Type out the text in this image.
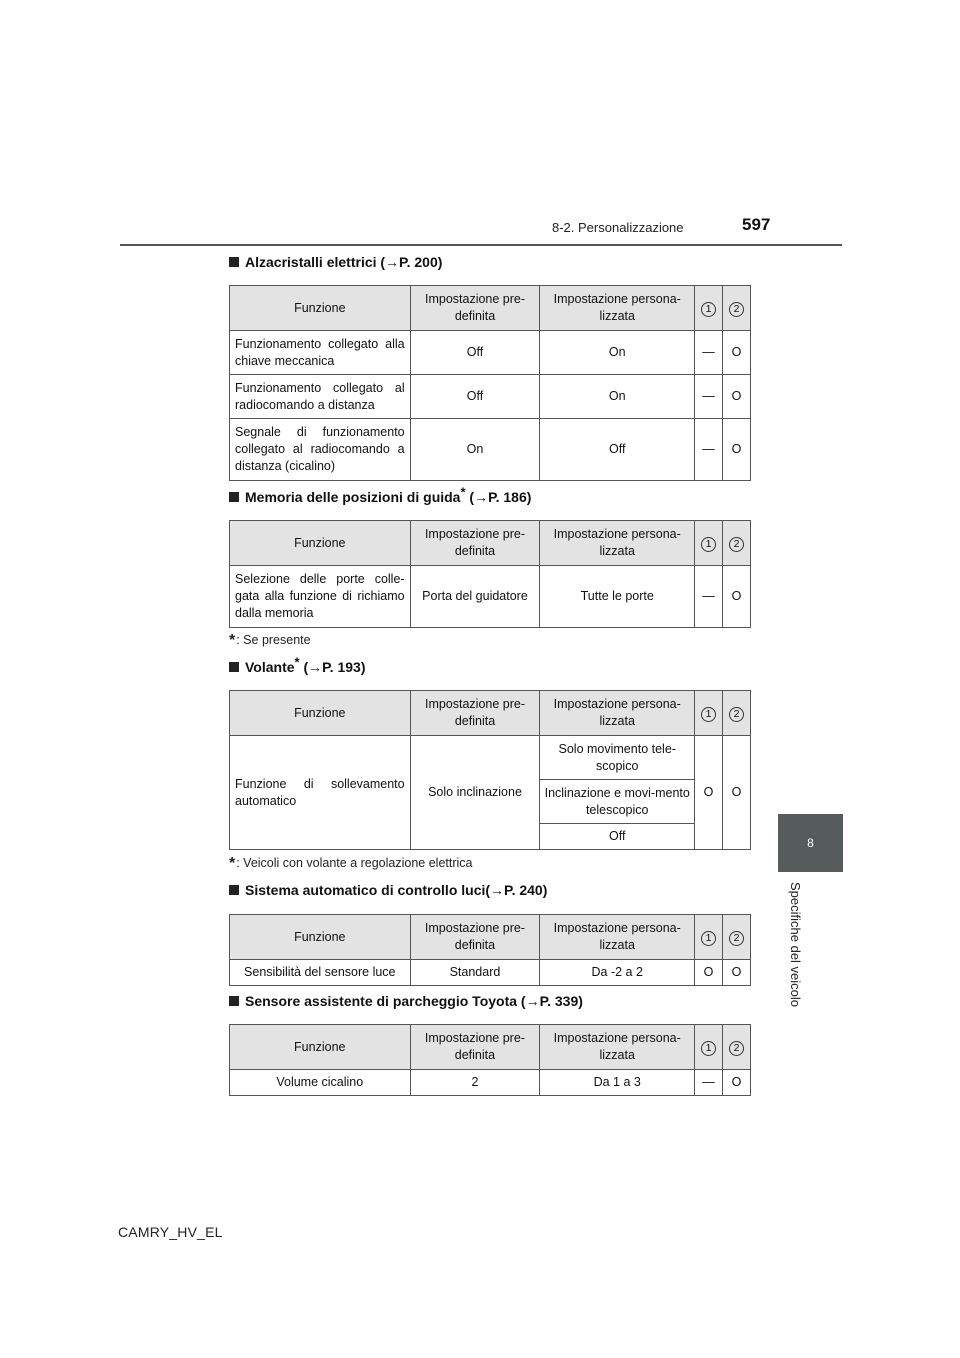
8-2. Personalizzazione	597
8
Specifiche del veicolo
Alzacristalli elettrici (→P. 200)
Funzione	Impostazione pre-definita	Impostazione persona-lizzata	1	2
Funzionamento collegato alla chiave meccanica	Off	On	—	O
Funzionamento collegato al radiocomando a distanza	Off	On	—	O
Segnale di funzionamento collegato al radiocomando a distanza (cicalino)	On	Off	—	O
Memoria delle posizioni di guida* (→P. 186)
Funzione	Impostazione pre-definita	Impostazione persona-lizzata	1	2
Selezione delle porte colle-gata alla funzione di richiamo dalla memoria	Porta del guidatore	Tutte le porte	—	O
*: Se presente
Volante* (→P. 193)
Funzione	Impostazione pre-definita	Impostazione persona-lizzata	1	2
Funzione di sollevamento automatico	Solo inclinazione	Solo movimento tele-scopico	O	O
		Inclinazione e movi-mento telescopico		
		Off		
*: Veicoli con volante a regolazione elettrica
Sistema automatico di controllo luci(→P. 240)
Funzione	Impostazione pre-definita	Impostazione persona-lizzata	1	2
Sensibilità del sensore luce	Standard	Da -2 a 2	O	O
Sensore assistente di parcheggio Toyota (→P. 339)
Funzione	Impostazione pre-definita	Impostazione persona-lizzata	1	2
Volume cicalino	2	Da 1 a 3	—	O
CAMRY_HV_EL
